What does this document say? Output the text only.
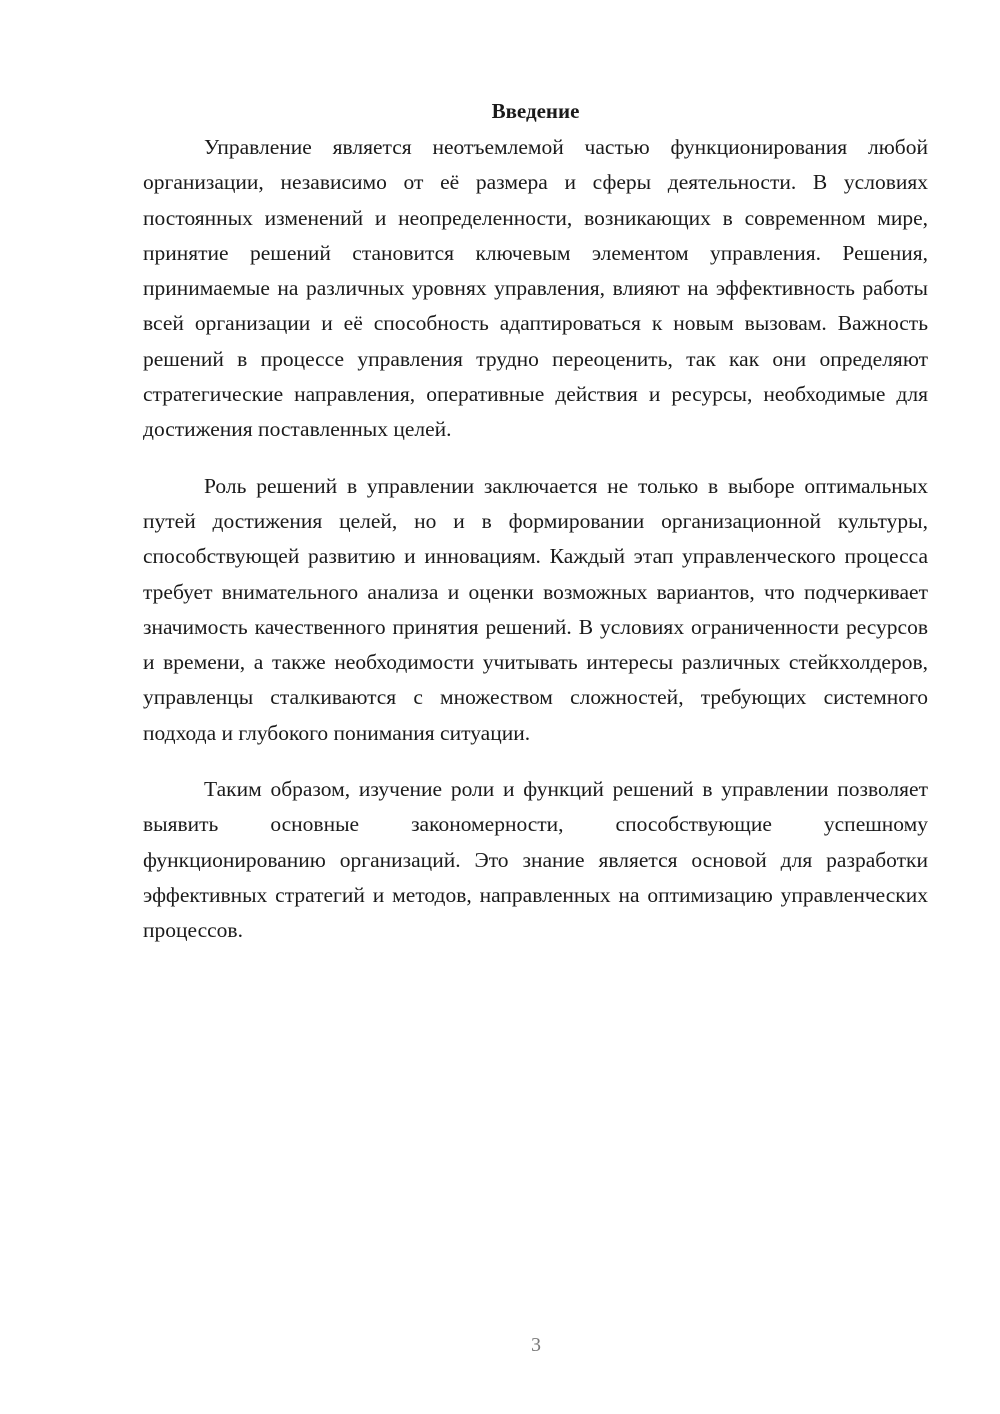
Введение

Управление является неотъемлемой частью функционирования любой организации, независимо от её размера и сферы деятельности. В условиях постоянных изменений и неопределенности, возникающих в современном мире, принятие решений становится ключевым элементом управления. Решения, принимаемые на различных уровнях управления, влияют на эффективность работы всей организации и её способность адаптироваться к новым вызовам. Важность решений в процессе управления трудно переоценить, так как они определяют стратегические направления, оперативные действия и ресурсы, необходимые для достижения поставленных целей.

Роль решений в управлении заключается не только в выборе оптимальных путей достижения целей, но и в формировании организационной культуры, способствующей развитию и инновациям. Каждый этап управленческого процесса требует внимательного анализа и оценки возможных вариантов, что подчеркивает значимость качественного принятия решений. В условиях ограниченности ресурсов и времени, а также необходимости учитывать интересы различных стейкхолдеров, управленцы сталкиваются с множеством сложностей, требующих системного подхода и глубокого понимания ситуации.

Таким образом, изучение роли и функций решений в управлении позволяет выявить основные закономерности, способствующие успешному функционированию организаций. Это знание является основой для разработки эффективных стратегий и методов, направленных на оптимизацию управленческих процессов.

3
